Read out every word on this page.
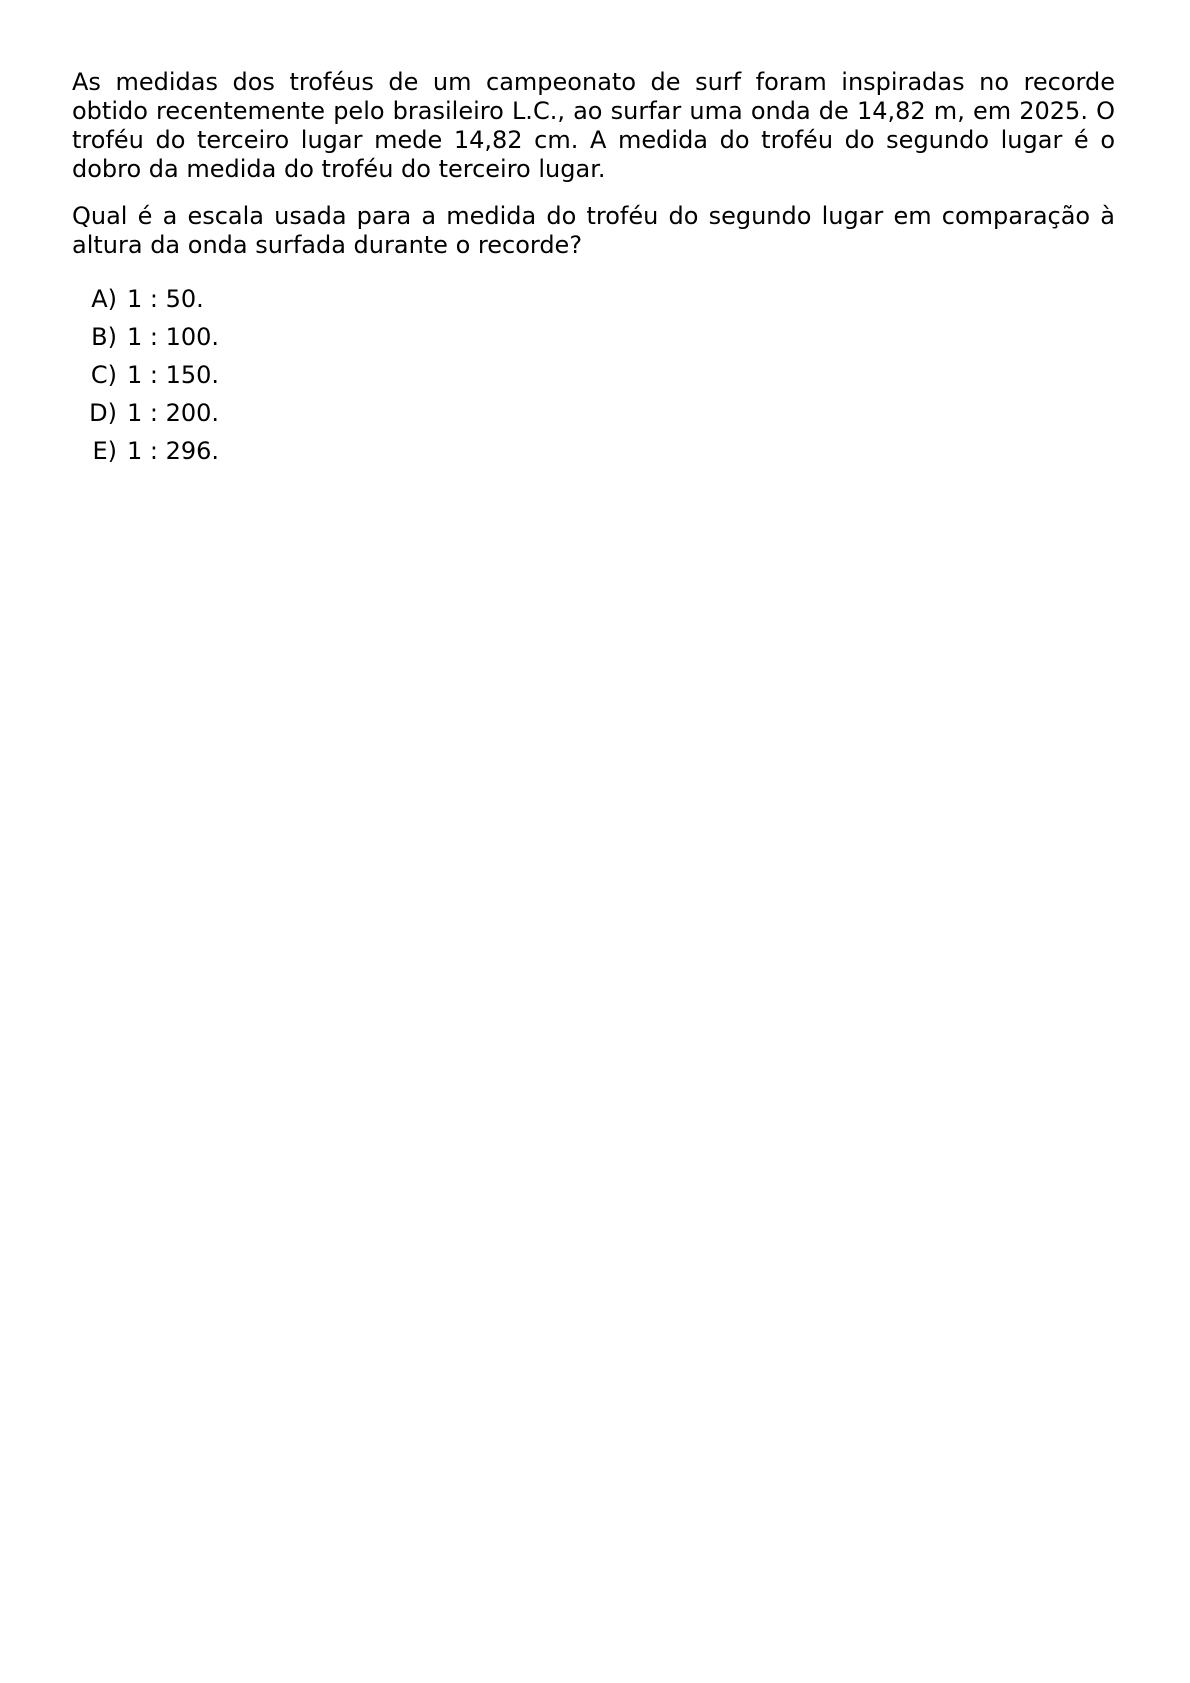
As medidas dos troféus de um campeonato de surf foram inspiradas no recorde obtido recentemente pelo brasileiro L.C., ao surfar uma onda de 14,82 m, em 2025. O troféu do terceiro lugar mede 14,82 cm. A medida do troféu do segundo lugar é o dobro da medida do troféu do terceiro lugar.

Qual é a escala usada para a medida do troféu do segundo lugar em comparação à altura da onda surfada durante o recorde?

A) 1 : 50.
B) 1 : 100.
C) 1 : 150.
D) 1 : 200.
E) 1 : 296.
